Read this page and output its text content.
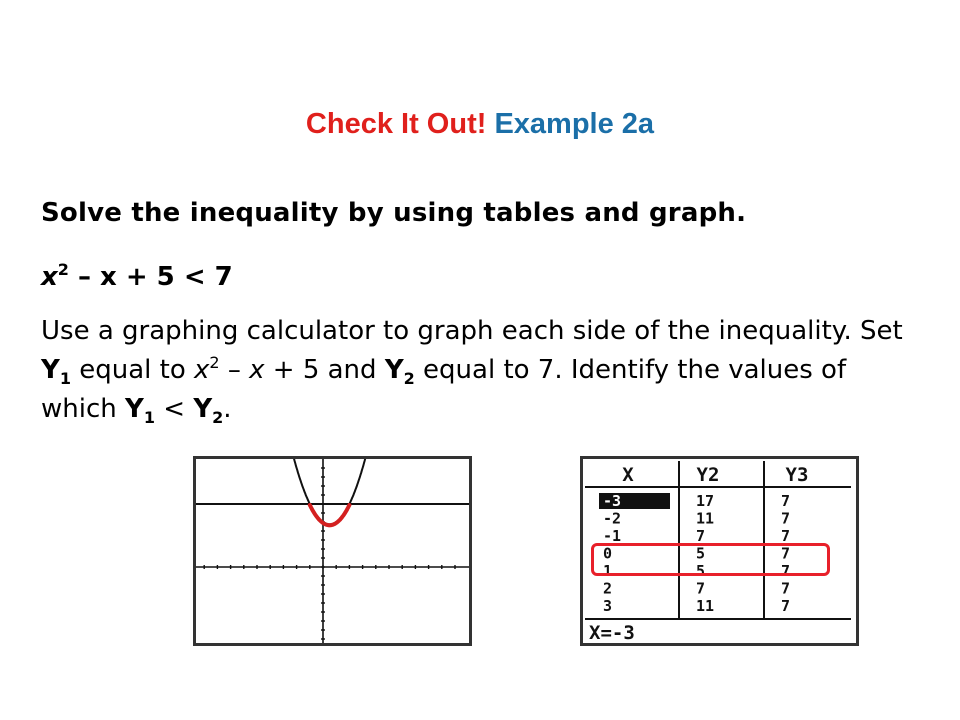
Check It Out! Example 2a
Solve the inequality by using tables and graph.
$x^2 - x + 5 < 7$
Use a graphing calculator to graph each side of the inequality. Set $Y_1$ equal to $x^2 - x + 5$ and $Y_2$ equal to 7. Identify the values of which $Y_1 < Y_2$.
X	Y2	Y3
-3	17	7
-2	11	7
-1	7	7
0	5	7
1	5	7
2	7	7
3	11	7
X=-3
